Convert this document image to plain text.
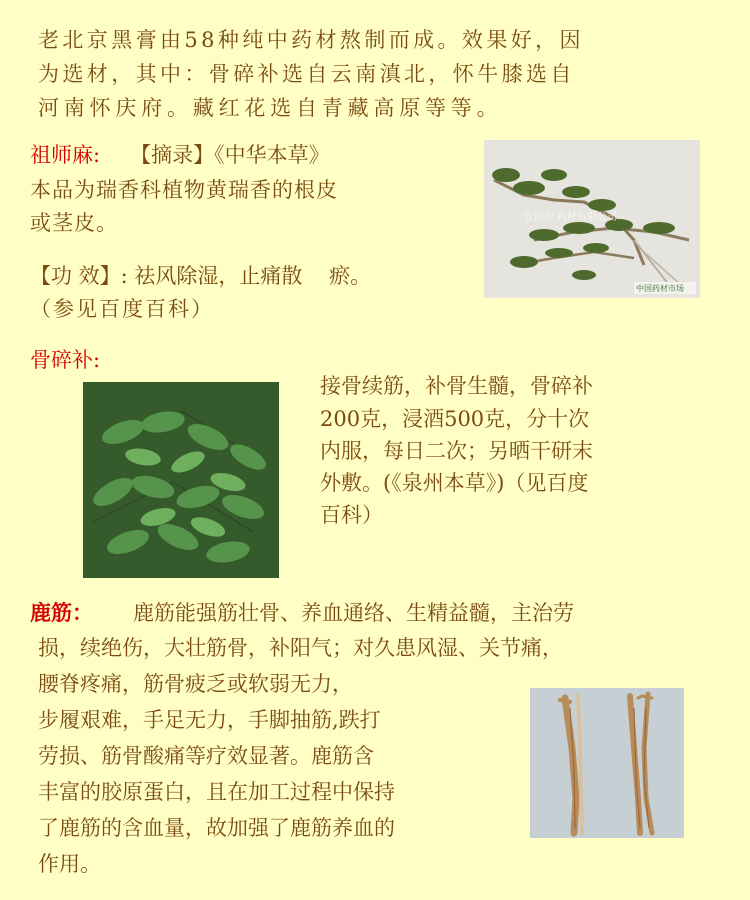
老北京黑膏由58种纯中药材熬制而成。效果好，因

为选材，其中：骨碎补选自云南滇北，怀牛膝选自

河南怀庆府。藏红花选自青藏高原等等。

祖师麻: 【摘录】《中华本草》

本品为瑞香科植物黄瑞香的根皮

或茎皮。

【功 效】: 祛风除湿，止痛散    瘀。

（参见百度百科）

安国市 药材有限公司
中国药材市场

骨碎补:

接骨续筋，补骨生髓，骨碎补

200克，浸酒500克，分十次

内服，每日二次；另晒干研末

外敷。(《泉州本草》)（见百度

百科）

鹿筋： 鹿筋能强筋壮骨、养血通络、生精益髓，主治劳

损，续绝伤，大壮筋骨，补阳气；对久患风湿、关节痛，

腰脊疼痛，筋骨疲乏或软弱无力，

步履艰难，手足无力，手脚抽筋,跌打

劳损、筋骨酸痛等疗效显著。鹿筋含

丰富的胶原蛋白，且在加工过程中保持

了鹿筋的含血量，故加强了鹿筋养血的

作用。
